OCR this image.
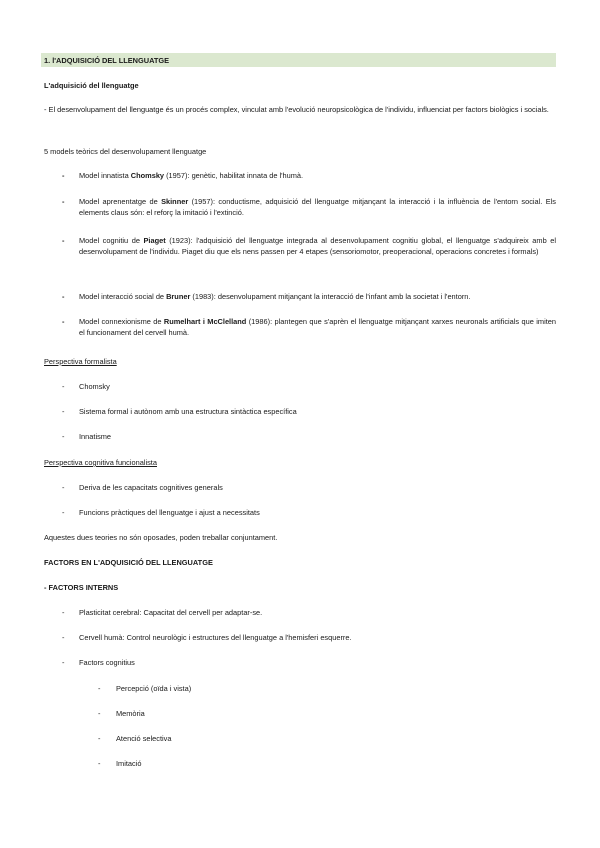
1. l'ADQUISICIÓ DEL LLENGUATGE
L'adquisició del llenguatge
- El desenvolupament del llenguatge és un procés complex, vinculat amb l'evolució neuropsicològica de l'individu, influenciat per factors biològics i socials.
5 models teòrics del desenvolupament llenguatge
- Model innatista Chomsky (1957): genètic, habilitat innata de l'humà.
- Model aprenentatge de Skinner (1957): conductisme, adquisició del llenguatge mitjançant la interacció i la influència de l'entorn social. Els elements claus són: el reforç la imitació i l'extinció.
- Model cognitiu de Piaget (1923): l'adquisició del llenguatge integrada al desenvolupament cognitiu global, el llenguatge s'adquireix amb el desenvolupament de l'individu. Piaget diu que els nens passen per 4 etapes (sensoriomotor, preoperacional, operacions concretes i formals)
- Model interacció social de Bruner (1983): desenvolupament mitjançant la interacció de l'infant amb la societat i l'entorn.
- Model connexionisme de Rumelhart i McClelland (1986): plantegen que s'aprèn el llenguatge mitjançant xarxes neuronals artificials que imiten el funcionament del cervell humà.
Perspectiva formalista
- Chomsky
- Sistema formal i autònom amb una estructura sintàctica específica
- Innatisme
Perspectiva cognitiva funcionalista
- Deriva de les capacitats cognitives generals
- Funcions pràctiques del llenguatge i ajust a necessitats
Aquestes dues teories no són oposades, poden treballar conjuntament.
FACTORS EN L'ADQUISICIÓ DEL LLENGUATGE
- FACTORS INTERNS
- Plasticitat cerebral: Capacitat del cervell per adaptar-se.
- Cervell humà: Control neurològic i estructures del llenguatge a l'hemisferi esquerre.
- Factors cognitius
- Percepció (oïda i vista)
- Memòria
- Atenció selectiva
- Imitació
